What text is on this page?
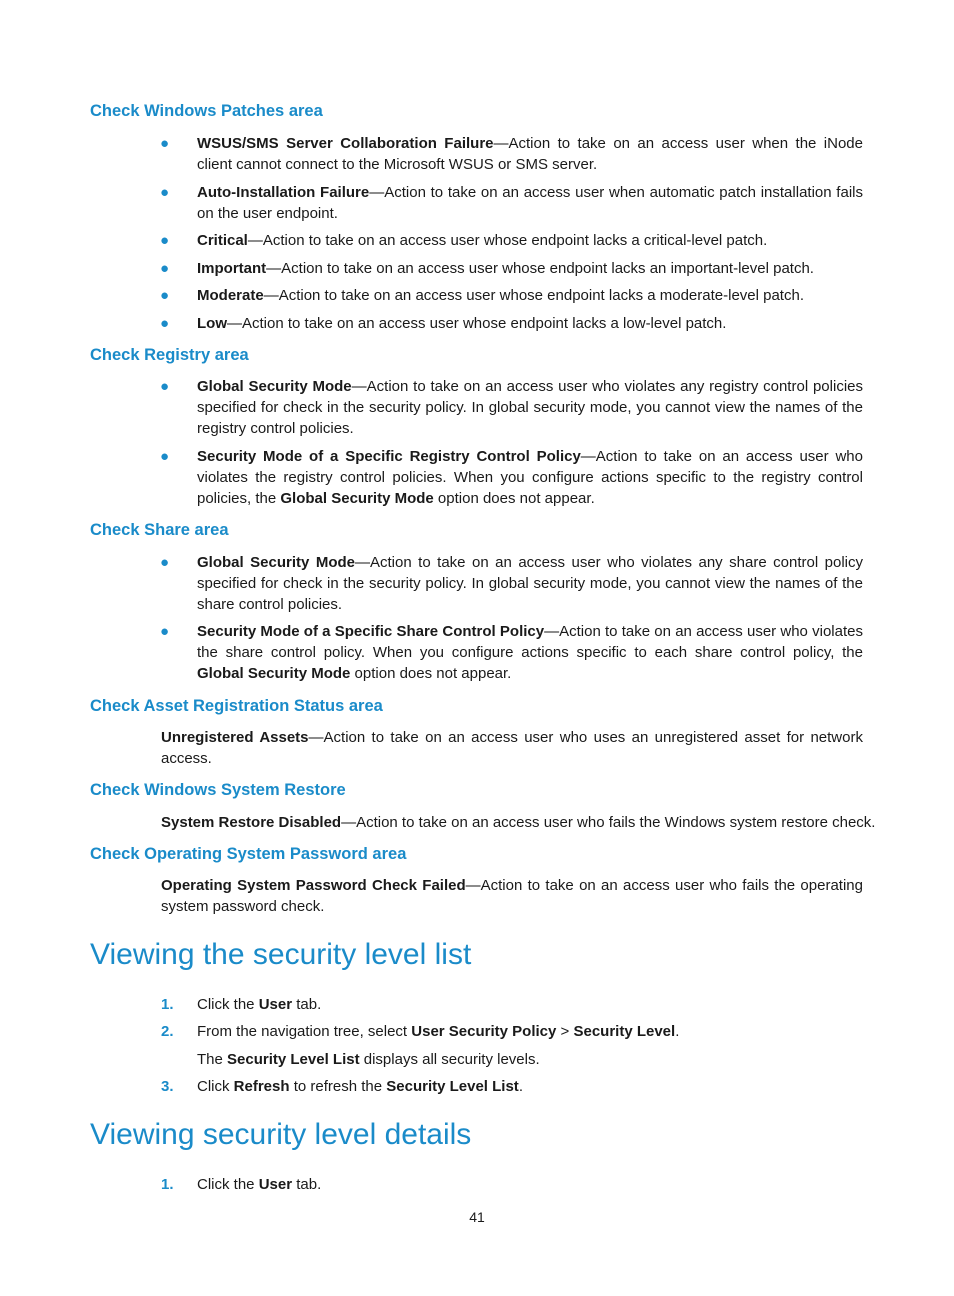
Check Windows Patches area
● WSUS/SMS Server Collaboration Failure—Action to take on an access user when the iNode client cannot connect to the Microsoft WSUS or SMS server.

● Auto-Installation Failure—Action to take on an access user when automatic patch installation fails on the user endpoint.

● Critical—Action to take on an access user whose endpoint lacks a critical-level patch.

● Important—Action to take on an access user whose endpoint lacks an important-level patch.

● Moderate—Action to take on an access user whose endpoint lacks a moderate-level patch.

● Low—Action to take on an access user whose endpoint lacks a low-level patch.

Check Registry area
● Global Security Mode—Action to take on an access user who violates any registry control policies specified for check in the security policy. In global security mode, you cannot view the names of the registry control policies.

● Security Mode of a Specific Registry Control Policy—Action to take on an access user who violates the registry control policies. When you configure actions specific to the registry control policies, the Global Security Mode option does not appear.

Check Share area
● Global Security Mode—Action to take on an access user who violates any share control policy specified for check in the security policy. In global security mode, you cannot view the names of the share control policies.

● Security Mode of a Specific Share Control Policy—Action to take on an access user who violates the share control policy. When you configure actions specific to each share control policy, the Global Security Mode option does not appear.

Check Asset Registration Status area

Unregistered Assets—Action to take on an access user who uses an unregistered asset for network access.

Check Windows System Restore

System Restore Disabled—Action to take on an access user who fails the Windows system restore check.

Check Operating System Password area

Operating System Password Check Failed—Action to take on an access user who fails the operating system password check.

Viewing the security level list
1.	Click the User tab.

2.	From the navigation tree, select User Security Policy > Security Level.

The Security Level List displays all security levels.

3.	Click Refresh to refresh the Security Level List.

Viewing security level details
1.	Click the User tab.

41
